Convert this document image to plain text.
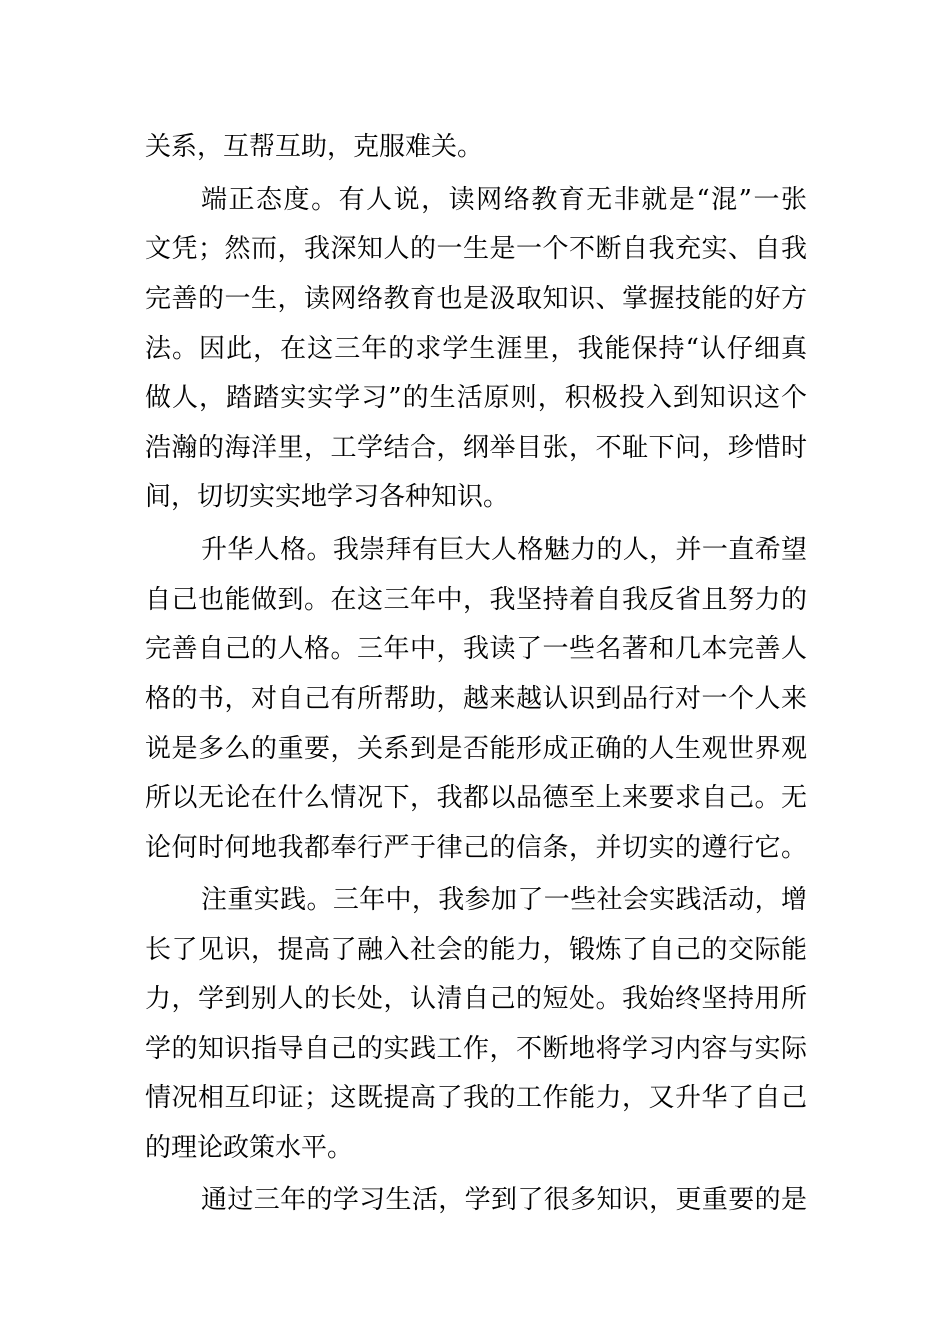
关系，互帮互助，克服难关。
端正态度。有人说，读网络教育无非就是“混”一张
文凭；然而，我深知人的一生是一个不断自我充实、自我
完善的一生，读网络教育也是汲取知识、掌握技能的好方
法。因此，在这三年的求学生涯里，我能保持“认仔细真
做人，踏踏实实学习”的生活原则，积极投入到知识这个
浩瀚的海洋里，工学结合，纲举目张，不耻下问，珍惜时
间，切切实实地学习各种知识。
升华人格。我崇拜有巨大人格魅力的人，并一直希望
自己也能做到。在这三年中，我坚持着自我反省且努力的
完善自己的人格。三年中，我读了一些名著和几本完善人
格的书，对自己有所帮助，越来越认识到品行对一个人来
说是多么的重要，关系到是否能形成正确的人生观世界观
所以无论在什么情况下，我都以品德至上来要求自己。无
论何时何地我都奉行严于律己的信条，并切实的遵行它。
注重实践。三年中，我参加了一些社会实践活动，增
长了见识，提高了融入社会的能力，锻炼了自己的交际能
力，学到别人的长处，认清自己的短处。我始终坚持用所
学的知识指导自己的实践工作，不断地将学习内容与实际
情况相互印证；这既提高了我的工作能力，又升华了自己
的理论政策水平。
通过三年的学习生活，学到了很多知识，更重要的是
